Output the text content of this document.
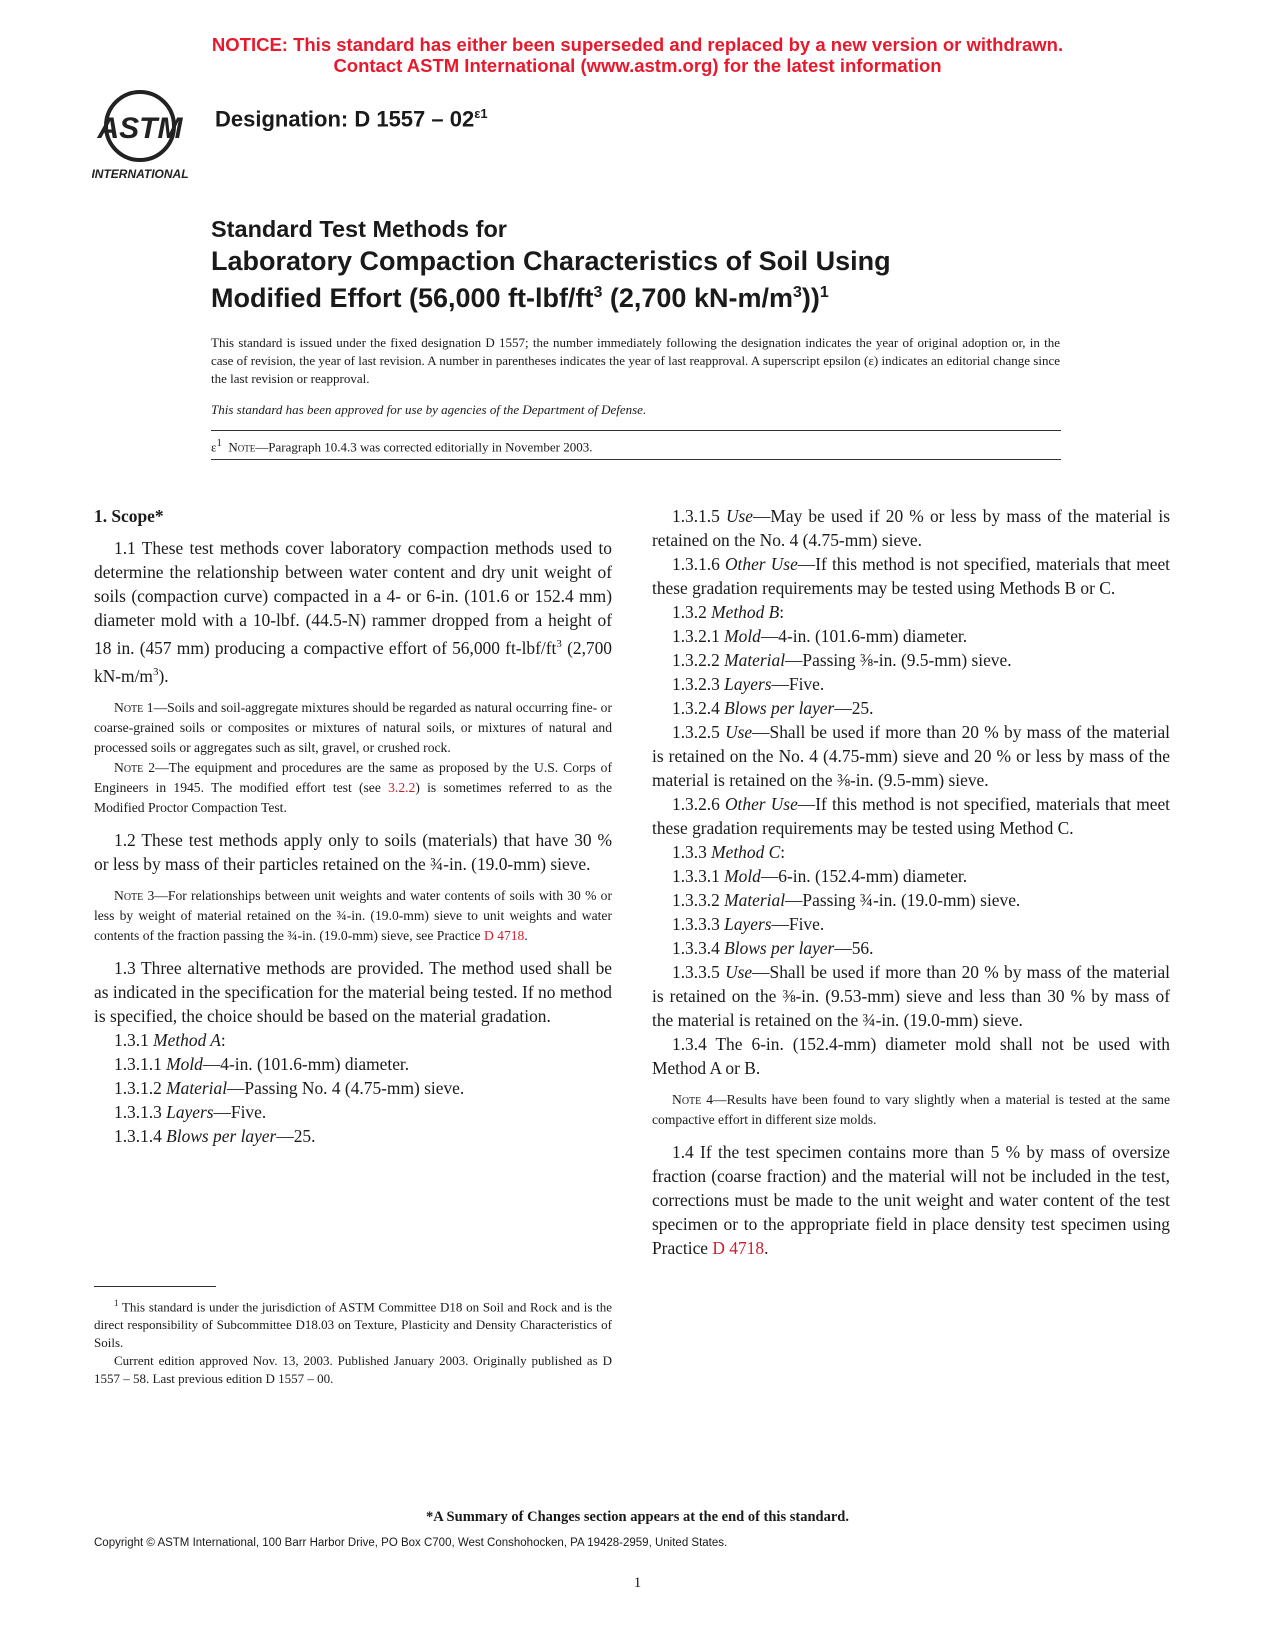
NOTICE: This standard has either been superseded and replaced by a new version or withdrawn.
Contact ASTM International (www.astm.org) for the latest information
ASTM
INTERNATIONAL
Designation: D $1557 - 02^{\varepsilon 1}$
Standard Test Methods for
Laboratory Compaction Characteristics of Soil Using
Modified Effort (56,000 $ft-lbf/ft^3$ (2,700 $kN-m/m^3))^1$
This standard is issued under the fixed designation D 1557; the number immediately following the designation indicates the year of original adoption or, in the case of revision, the year of last revision. A number in parentheses indicates the year of last reapproval. A superscript epsilon (ε) indicates an editorial change since the last revision or reapproval.
This standard has been approved for use by agencies of the Department of Defense.
$\varepsilon^1$ Note—Paragraph 10.4.3 was corrected editorially in November 2003.

1. Scope*

1.1 These test methods cover laboratory compaction methods used to determine the relationship between water content and dry unit weight of soils (compaction curve) compacted in a 4- or 6-in. (101.6 or 152.4 mm) diameter mold with a 10-lbf. (44.5-N) rammer dropped from a height of 18 in. (457 mm) producing a compactive effort of 56,000 $ft-lbf/ft^3$ (2,700 $kN-m/m^3$).

Note 1—Soils and soil-aggregate mixtures should be regarded as natural occurring fine- or coarse-grained soils or composites or mixtures of natural soils, or mixtures of natural and processed soils or aggregates such as silt, gravel, or crushed rock.

Note 2—The equipment and procedures are the same as proposed by the U.S. Corps of Engineers in 1945. The modified effort test (see 3.2.2) is sometimes referred to as the Modified Proctor Compaction Test.

1.2 These test methods apply only to soils (materials) that have 30 % or less by mass of their particles retained on the ¾-in. (19.0-mm) sieve.

Note 3—For relationships between unit weights and water contents of soils with 30 % or less by weight of material retained on the ¾-in. (19.0-mm) sieve to unit weights and water contents of the fraction passing the ¾-in. (19.0-mm) sieve, see Practice D 4718.

1.3 Three alternative methods are provided. The method used shall be as indicated in the specification for the material being tested. If no method is specified, the choice should be based on the material gradation.

1.3.1 Method A:

1.3.1.1 Mold—4-in. (101.6-mm) diameter.

1.3.1.2 Material—Passing No. 4 (4.75-mm) sieve.

1.3.1.3 Layers—Five.

1.3.1.4 Blows per layer—25.

$^1$ This standard is under the jurisdiction of ASTM Committee D18 on Soil and Rock and is the direct responsibility of Subcommittee D18.03 on Texture, Plasticity and Density Characteristics of Soils.

Current edition approved Nov. 13, 2003. Published January 2003. Originally published as D 1557 – 58. Last previous edition D 1557 – 00.

1.3.1.5 Use—May be used if 20 % or less by mass of the material is retained on the No. 4 (4.75-mm) sieve.

1.3.1.6 Other Use—If this method is not specified, materials that meet these gradation requirements may be tested using Methods B or C.

1.3.2 Method B:

1.3.2.1 Mold—4-in. (101.6-mm) diameter.

1.3.2.2 Material—Passing ⅜-in. (9.5-mm) sieve.

1.3.2.3 Layers—Five.

1.3.2.4 Blows per layer—25.

1.3.2.5 Use—Shall be used if more than 20 % by mass of the material is retained on the No. 4 (4.75-mm) sieve and 20 % or less by mass of the material is retained on the ⅜-in. (9.5-mm) sieve.

1.3.2.6 Other Use—If this method is not specified, materials that meet these gradation requirements may be tested using Method C.

1.3.3 Method C:

1.3.3.1 Mold—6-in. (152.4-mm) diameter.

1.3.3.2 Material—Passing ¾-in. (19.0-mm) sieve.

1.3.3.3 Layers—Five.

1.3.3.4 Blows per layer—56.

1.3.3.5 Use—Shall be used if more than 20 % by mass of the material is retained on the ⅜-in. (9.53-mm) sieve and less than 30 % by mass of the material is retained on the ¾-in. (19.0-mm) sieve.

1.3.4 The 6-in. (152.4-mm) diameter mold shall not be used with Method A or B.

Note 4—Results have been found to vary slightly when a material is tested at the same compactive effort in different size molds.

1.4 If the test specimen contains more than 5 % by mass of oversize fraction (coarse fraction) and the material will not be included in the test, corrections must be made to the unit weight and water content of the test specimen or to the appropriate field in place density test specimen using Practice D 4718.

*A Summary of Changes section appears at the end of this standard.
Copyright © ASTM International, 100 Barr Harbor Drive, PO Box C700, West Conshohocken, PA 19428-2959, United States.
1
